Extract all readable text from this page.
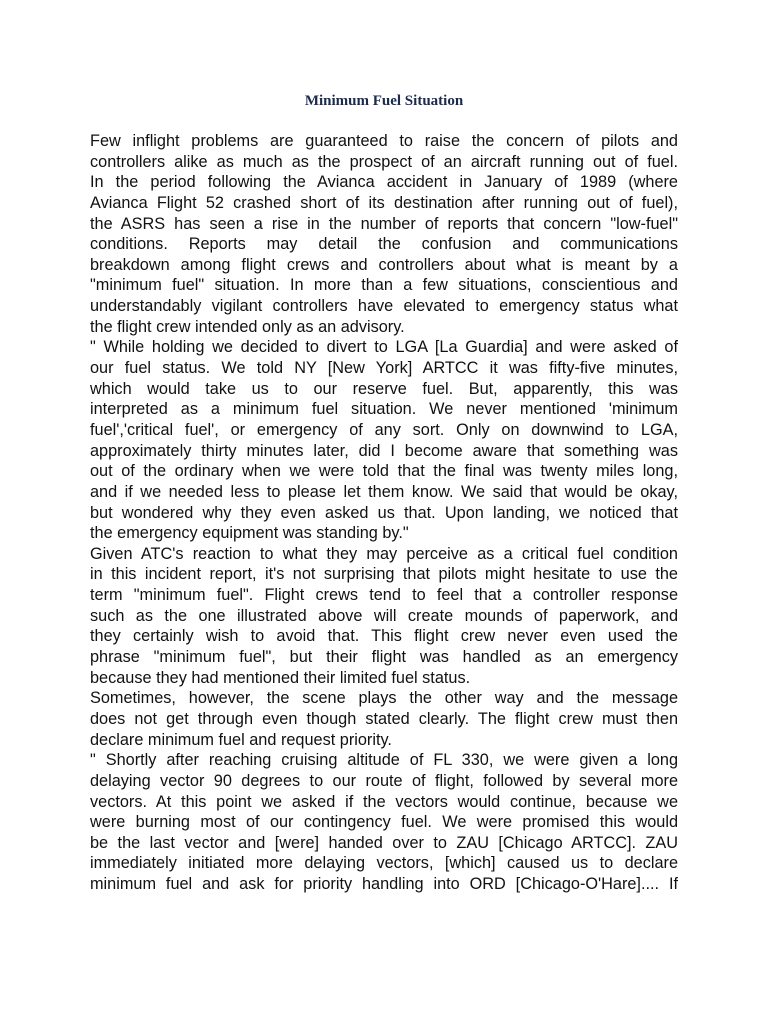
Minimum Fuel Situation
Few inflight problems are guaranteed to raise the concern of pilots and
controllers alike as much as the prospect of an aircraft running out of fuel.
In the period following the Avianca accident in January of 1989 (where
Avianca Flight 52 crashed short of its destination after running out of fuel),
the ASRS has seen a rise in the number of reports that concern "low-fuel"
conditions. Reports may detail the confusion and communications
breakdown among flight crews and controllers about what is meant by a
"minimum fuel" situation. In more than a few situations, conscientious and
understandably vigilant controllers have elevated to emergency status what
the flight crew intended only as an advisory.
" While holding we decided to divert to LGA [La Guardia] and were asked of
our fuel status. We told NY [New York] ARTCC it was fifty-five minutes,
which would take us to our reserve fuel. But, apparently, this was
interpreted as a minimum fuel situation. We never mentioned 'minimum
fuel','critical fuel', or emergency of any sort. Only on downwind to LGA,
approximately thirty minutes later, did I become aware that something was
out of the ordinary when we were told that the final was twenty miles long,
and if we needed less to please let them know. We said that would be okay,
but wondered why they even asked us that. Upon landing, we noticed that
the emergency equipment was standing by."
Given ATC's reaction to what they may perceive as a critical fuel condition
in this incident report, it's not surprising that pilots might hesitate to use the
term "minimum fuel". Flight crews tend to feel that a controller response
such as the one illustrated above will create mounds of paperwork, and
they certainly wish to avoid that. This flight crew never even used the
phrase "minimum fuel", but their flight was handled as an emergency
because they had mentioned their limited fuel status.
Sometimes, however, the scene plays the other way and the message
does not get through even though stated clearly. The flight crew must then
declare minimum fuel and request priority.
" Shortly after reaching cruising altitude of FL 330, we were given a long
delaying vector 90 degrees to our route of flight, followed by several more
vectors. At this point we asked if the vectors would continue, because we
were burning most of our contingency fuel. We were promised this would
be the last vector and [were] handed over to ZAU [Chicago ARTCC]. ZAU
immediately initiated more delaying vectors, [which] caused us to declare
minimum fuel and ask for priority handling into ORD [Chicago-O'Hare].... If
